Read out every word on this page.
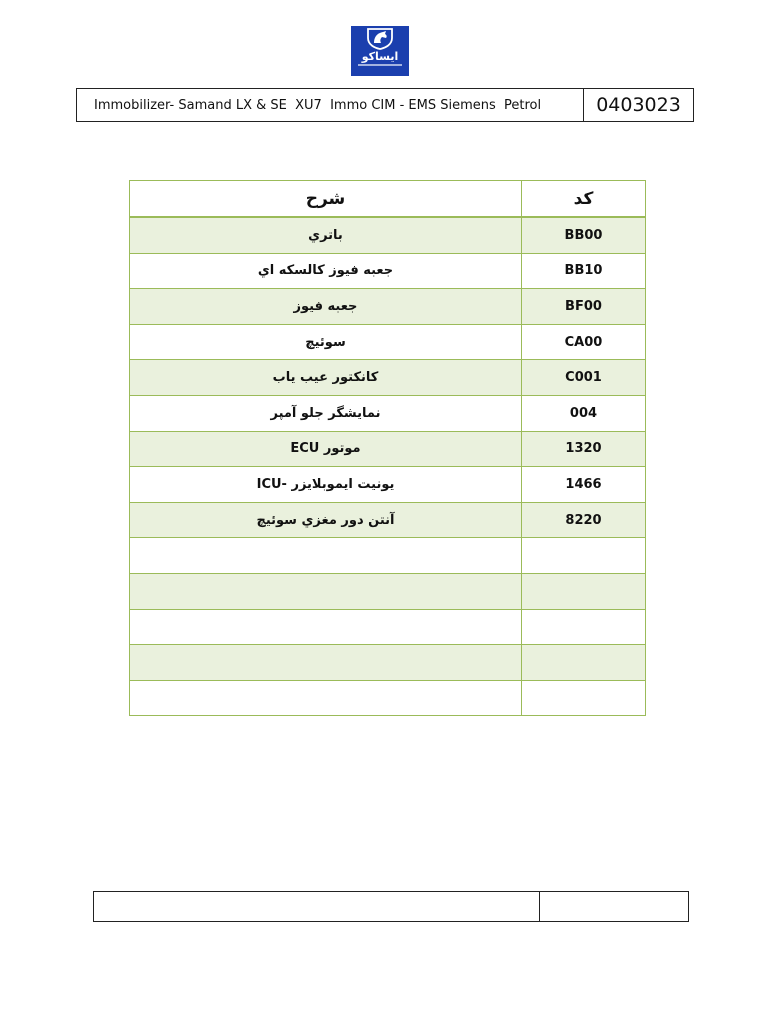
ایساکو
Immobilizer- Samand LX & SE  XU7  Immo CIM - EMS Siemens  Petrol	0403023
شرح	کد
باتري	BB00
جعبه فيوز كالسكه اي	BB10
جعبه فيوز	BF00
سوئيچ	CA00
كانكتور عيب ياب	C001
نمايشگر جلو آمپر	004
موتور ECU	1320
يونيت ايموبلايزر -ICU	1466
آنتن دور مغزي سوئيچ	8220
